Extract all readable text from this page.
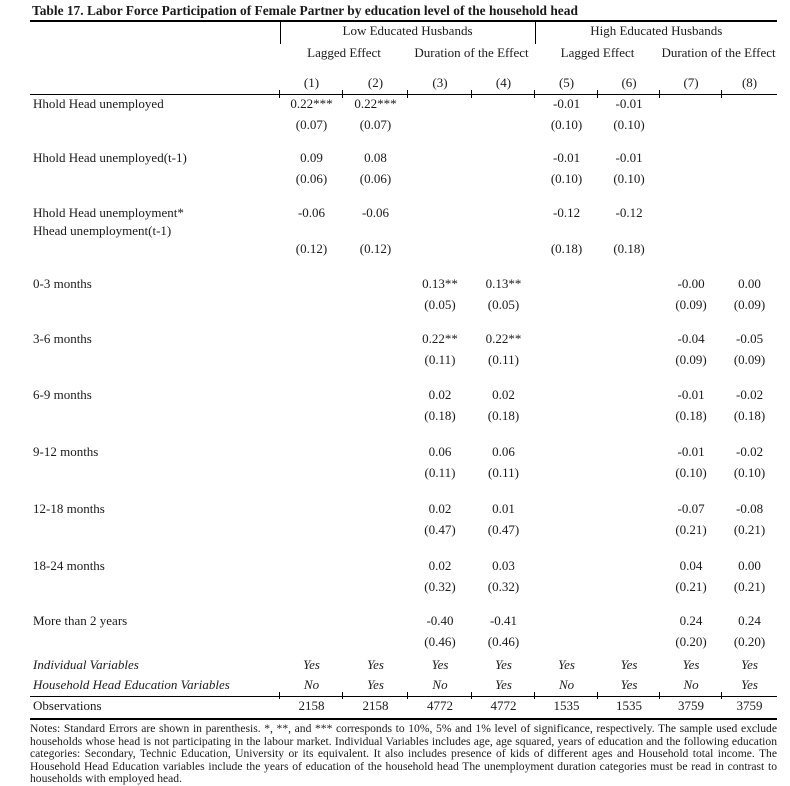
Table 17. Labor Force Participation of Female Partner by education level of the household head
	Low Educated Husbands				High Educated Husbands			
	Lagged Effect		Duration of the Effect		Lagged Effect		Duration of the Effect	
	(1)	(2)	(3)	(4)	(5)	(6)	(7)	(8)
Hhold Head unemployed	0.22***	0.22***			-0.01	-0.01		
	(0.07)	(0.07)			(0.10)	(0.10)		

Hhold Head unemployed(t-1)	0.09	0.08			-0.01	-0.01		
	(0.06)	(0.06)			(0.10)	(0.10)		

Hhold Head unemployment*
Hhead unemployment(t-1)	-0.06	-0.06			-0.12	-0.12		
	(0.12)	(0.12)			(0.18)	(0.18)		

0-3 months			0.13**	0.13**			-0.00	0.00
			(0.05)	(0.05)			(0.09)	(0.09)

3-6 months			0.22**	0.22**			-0.04	-0.05
			(0.11)	(0.11)			(0.09)	(0.09)

6-9 months			0.02	0.02			-0.01	-0.02
			(0.18)	(0.18)			(0.18)	(0.18)

9-12 months			0.06	0.06			-0.01	-0.02
			(0.11)	(0.11)			(0.10)	(0.10)

12-18 months			0.02	0.01			-0.07	-0.08
			(0.47)	(0.47)			(0.21)	(0.21)

18-24 months			0.02	0.03			0.04	0.00
			(0.32)	(0.32)			(0.21)	(0.21)

More than 2 years			-0.40	-0.41			0.24	0.24
			(0.46)	(0.46)			(0.20)	(0.20)

Individual Variables	Yes	Yes	Yes	Yes	Yes	Yes	Yes	Yes
Household Head Education Variables	No	Yes	No	Yes	No	Yes	No	Yes
Observations	2158	2158	4772	4772	1535	1535	3759	3759
Notes: Standard Errors are shown in parenthesis. *, **, and *** corresponds to 10%, 5% and 1% level of significance, respectively. The sample used exclude households whose head is not participating in the labour market. Individual Variables includes age, age squared, years of education and the following education categories: Secondary, Technic Education, University or its equivalent. It also includes presence of kids of different ages and Household total income. The Household Head Education variables include the years of education of the household head The unemployment duration categories must be read in contrast to households with employed head.
